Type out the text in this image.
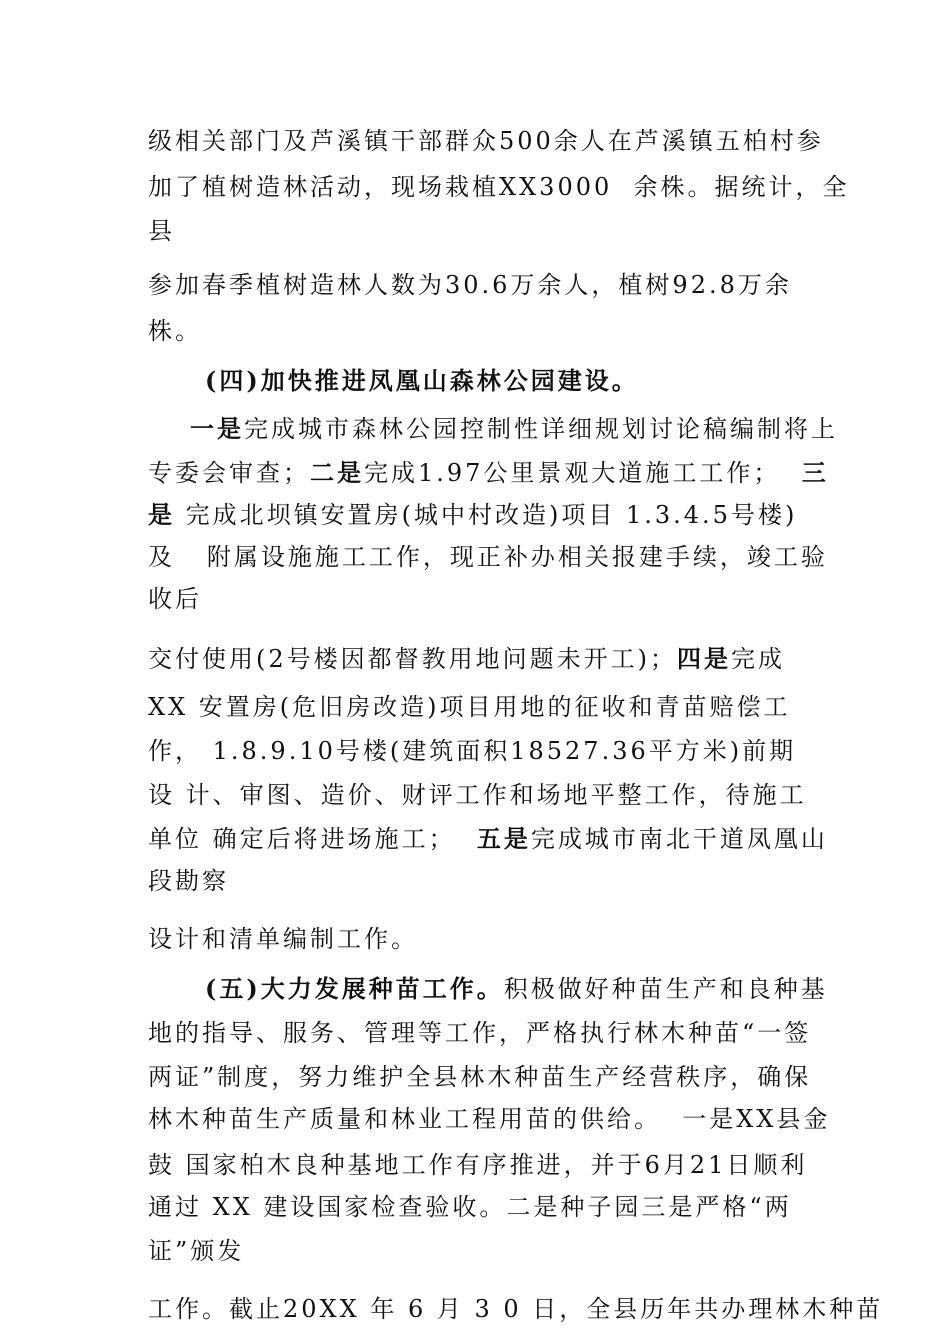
级相关部门及芦溪镇干部群众500余人在芦溪镇五柏村参
加了植树造林活动，现场栽植XX3000  余株。据统计，全
县
参加春季植树造林人数为30.6万余人，植树92.8万余
株。
(四)加快推进凤凰山森林公园建设。
一是完成城市森林公园控制性详细规划讨论稿编制将上
专委会审查；二是完成1.97公里景观大道施工工作；  三
是 完成北坝镇安置房(城中村改造)项目 1.3.4.5号楼)
及   附属设施施工工作，现正补办相关报建手续，竣工验
收后
交付使用(2号楼因都督教用地问题未开工)；四是完成
XX 安置房(危旧房改造)项目用地的征收和青苗赔偿工
作， 1.8.9.10号楼(建筑面积18527.36平方米)前期
设 计、审图、造价、财评工作和场地平整工作，待施工
单位 确定后将进场施工；  五是完成城市南北干道凤凰山
段勘察
设计和清单编制工作。
(五)大力发展种苗工作。积极做好种苗生产和良种基
地的指导、服务、管理等工作，严格执行林木种苗“一签
两证”制度，努力维护全县林木种苗生产经营秩序，确保
林木种苗生产质量和林业工程用苗的供给。  一是XX县金
鼓 国家柏木良种基地工作有序推进，并于6月21日顺利
通过 XX 建设国家检查验收。二是种子园三是严格“两
证”颁发
工作。截止20XX 年 6 月 3 0 日，全县历年共办理林木种苗
